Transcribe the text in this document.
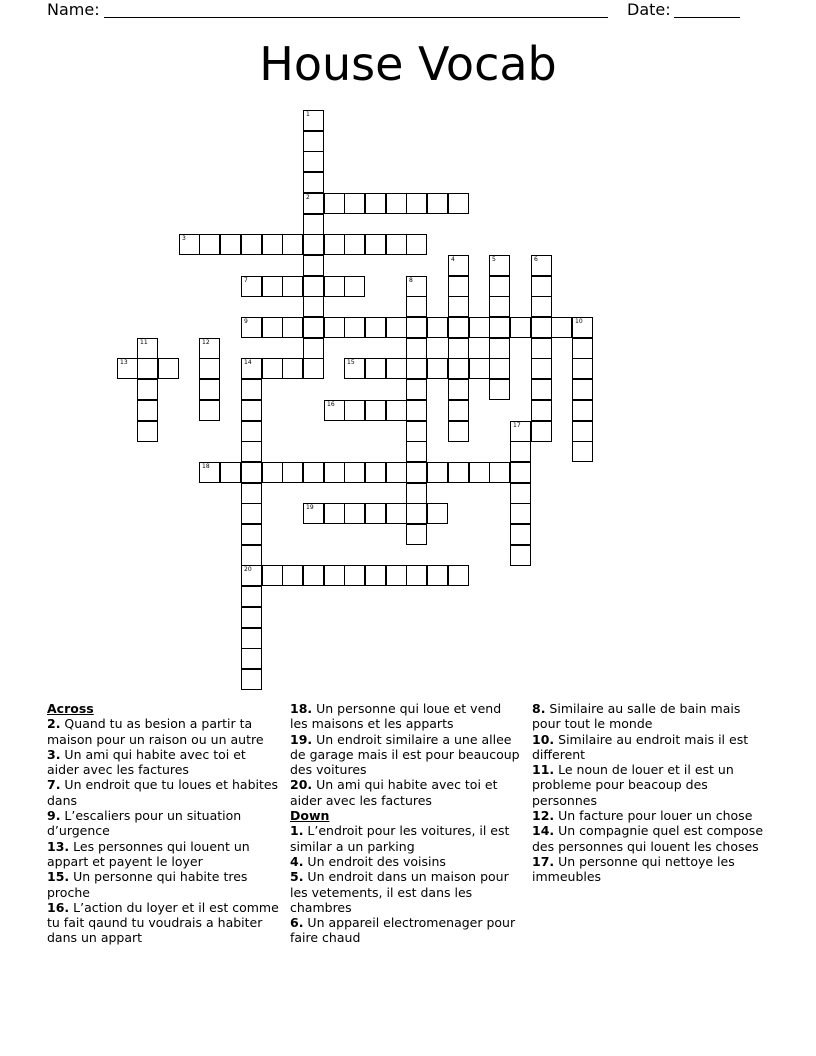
Name:	Date:
House Vocab
1
2
3
4	5	6
7	8
9	10
11	12
13	14
20
15
16
17
18
19
Across
2. Quand tu as besion a partir ta maison pour un raison ou un autre
3. Un ami qui habite avec toi et aider avec les factures
7. Un endroit que tu loues et habites dans
9. L’escaliers pour un situation d’urgence
13. Les personnes qui louent un appart et payent le loyer
15. Un personne qui habite tres proche
16. L’action du loyer et il est comme tu fait qaund tu voudrais a habiter dans un appart
18. Un personne qui loue et vend les maisons et les apparts
19. Un endroit similaire a une allee de garage mais il est pour beaucoup des voitures
20. Un ami qui habite avec toi et aider avec les factures
Down
1. L’endroit pour les voitures, il est similar a un parking
4. Un endroit des voisins
5. Un endroit dans un maison pour les vetements, il est dans les chambres
6. Un appareil electromenager pour faire chaud
8. Similaire au salle de bain mais pour tout le monde
10. Similaire au endroit mais il est different
11. Le noun de louer et il est un probleme pour beacoup des personnes
12. Un facture pour louer un chose
14. Un compagnie quel est compose des personnes qui louent les choses
17. Un personne qui nettoye les immeubles
